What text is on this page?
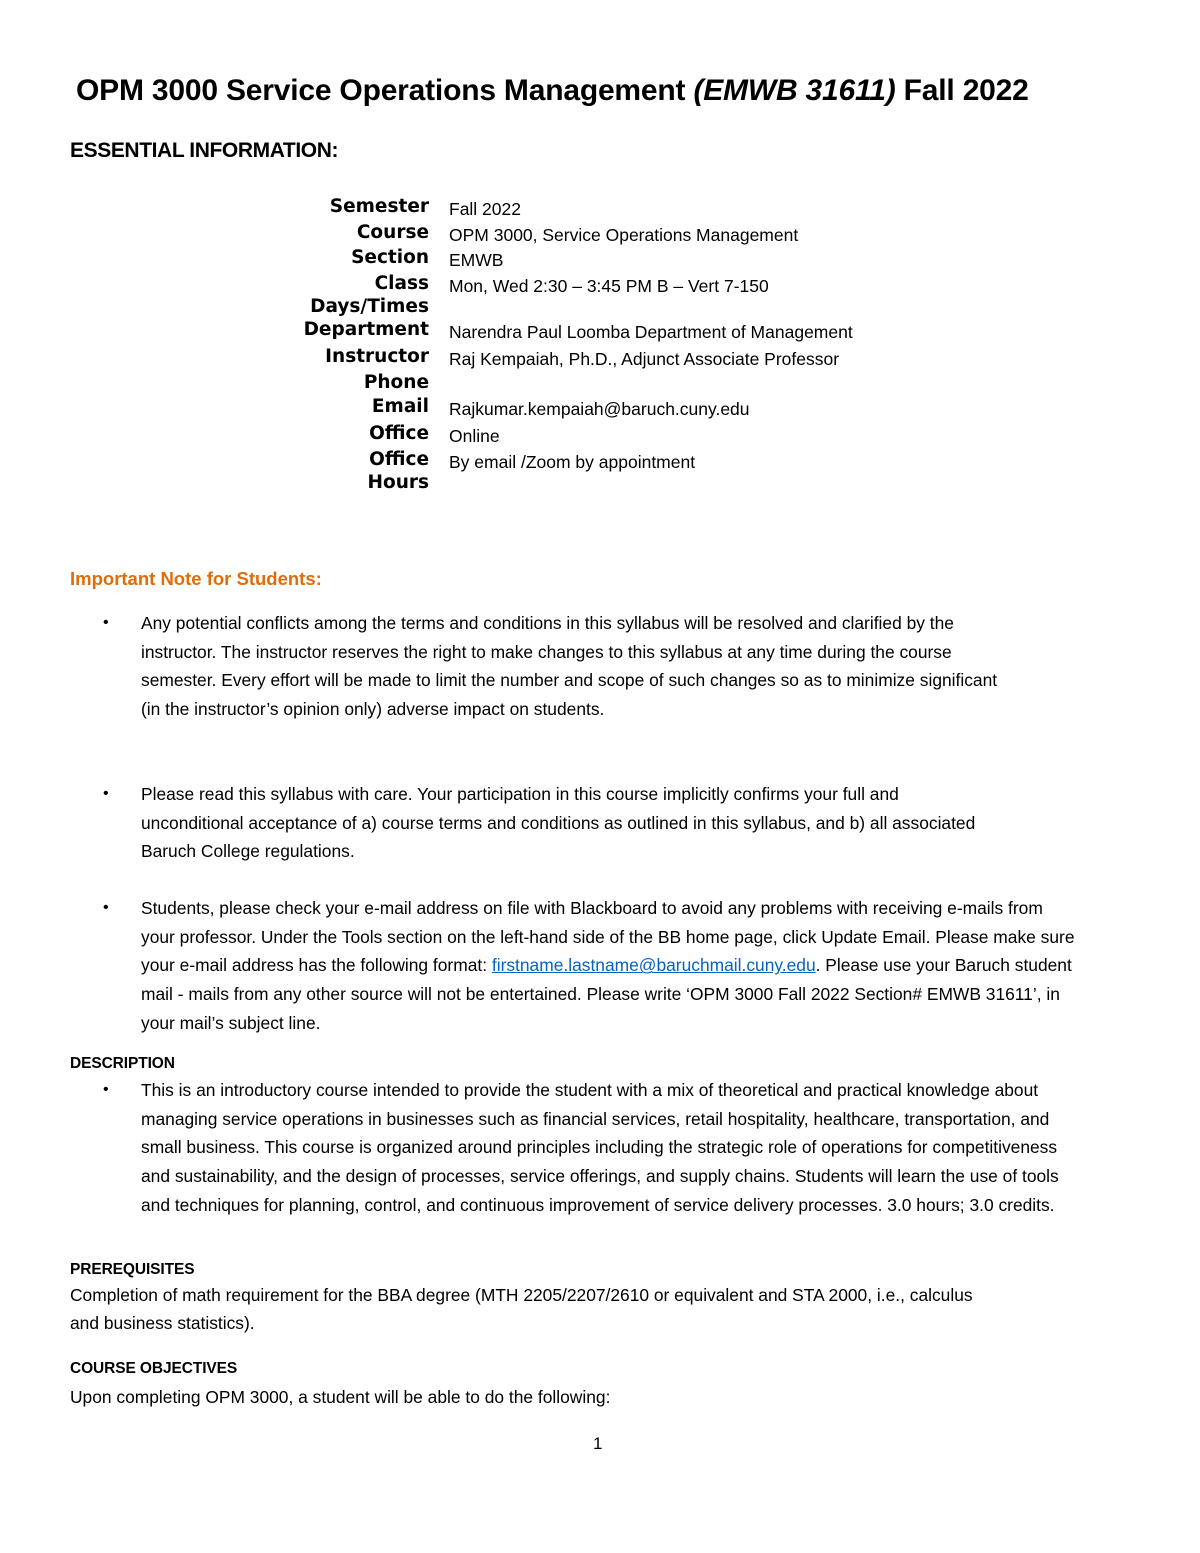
OPM 3000 Service Operations Management (EMWB 31611) Fall 2022
ESSENTIAL INFORMATION:
Semester Fall 2022
Course OPM 3000, Service Operations Management
Section EMWB
Class
Days/Times
Mon, Wed 2:30 – 3:45 PM B – Vert 7-150
Department Narendra Paul Loomba Department of Management
Instructor Raj Kempaiah, Ph.D., Adjunct Associate Professor
Phone
Email Rajkumar.kempaiah@baruch.cuny.edu
Office Online
Office
Hours
By email /Zoom by appointment
Important Note for Students:
• Any potential conflicts among the terms and conditions in this syllabus will be resolved and clarified by the
instructor. The instructor reserves the right to make changes to this syllabus at any time during the course
semester. Every effort will be made to limit the number and scope of such changes so as to minimize significant
(in the instructor’s opinion only) adverse impact on students.

• Please read this syllabus with care. Your participation in this course implicitly confirms your full and
unconditional acceptance of a) course terms and conditions as outlined in this syllabus, and b) all associated
Baruch College regulations.

• Students, please check your e-mail address on file with Blackboard to avoid any problems with receiving e-mails from
your professor. Under the Tools section on the left-hand side of the BB home page, click Update Email. Please make sure
your e-mail address has the following format: firstname.lastname@baruchmail.cuny.edu. Please use your Baruch student
mail - mails from any other source will not be entertained. Please write ‘OPM 3000 Fall 2022 Section# EMWB 31611’, in
your mail’s subject line.

DESCRIPTION
• This is an introductory course intended to provide the student with a mix of theoretical and practical knowledge about
managing service operations in businesses such as financial services, retail hospitality, healthcare, transportation, and
small business. This course is organized around principles including the strategic role of operations for competitiveness
and sustainability, and the design of processes, service offerings, and supply chains. Students will learn the use of tools
and techniques for planning, control, and continuous improvement of service delivery processes. 3.0 hours; 3.0 credits.

PREREQUISITES

Completion of math requirement for the BBA degree (MTH 2205/2207/2610 or equivalent and STA 2000, i.e., calculus
and business statistics).

COURSE OBJECTIVES

Upon completing OPM 3000, a student will be able to do the following:

1
